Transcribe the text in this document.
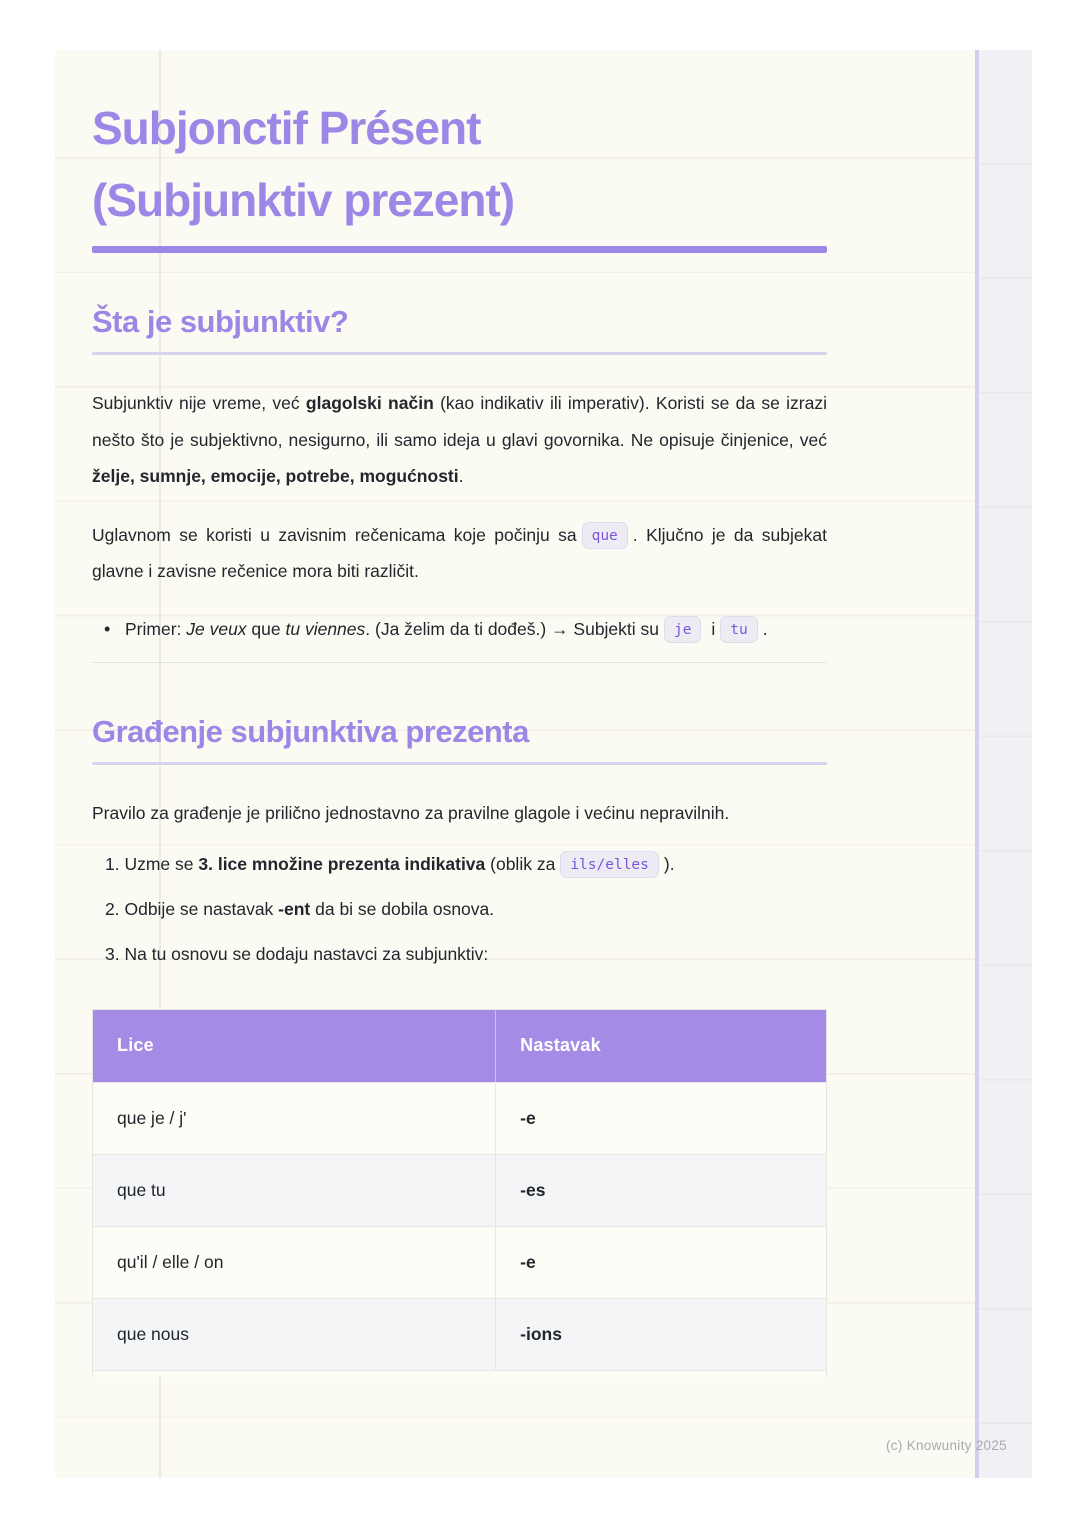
Subjonctif Présent
(Subjunktiv prezent)
Šta je subjunktiv?

Subjunktiv nije vreme, već glagolski način (kao indikativ ili imperativ). Koristi se da se izrazi nešto što je subjektivno, nesigurno, ili samo ideja u glavi govornika. Ne opisuje činjenice, već želje, sumnje, emocije, potrebe, mogućnosti.

Uglavnom se koristi u zavisnim rečenicama koje počinju sa que . Ključno je da subjekat glavne i zavisne rečenice mora biti različit.

• Primer: Je veux que tu viennes. (Ja želim da ti dođeš.) → Subjekti su je i tu .
Građenje subjunktiva prezenta

Pravilo za građenje je prilično jednostavno za pravilne glagole i većinu nepravilnih.

Uzme se 3. lice množine prezenta indikativa (oblik za ils/elles ).
Odbije se nastavak -ent da bi se dobila osnova.
Na tu osnovu se dodaju nastavci za subjunktiv:
Lice	Nastavak
que je / j'	-e
que tu	-es
qu'il / elle / on	-e
que nous	-ions
(c) Knowunity 2025
